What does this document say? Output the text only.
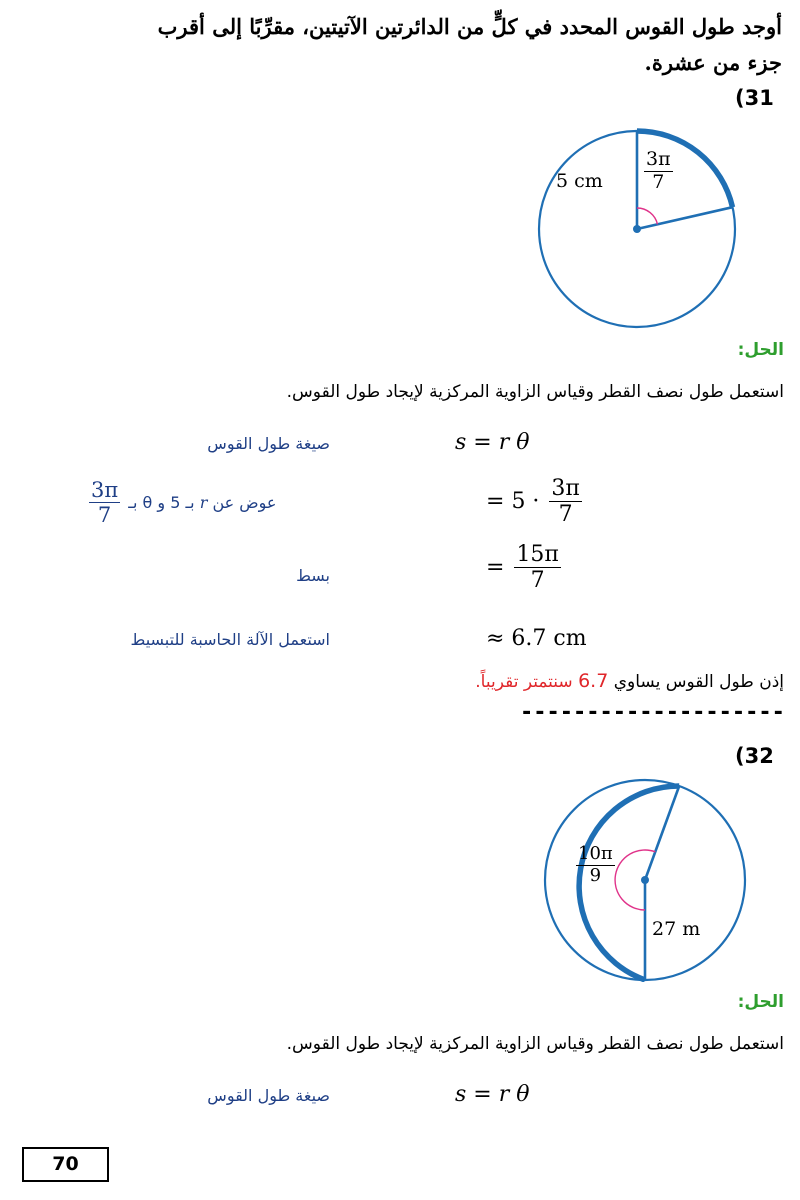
أوجد طول القوس المحدد في كلٍّ من الدائرتين الآتيتين، مقرِّبًا إلى أقرب
جزء من عشرة.
(31
5 cm $\frac{3\pi}{7}$
الحل:
استعمل طول نصف القطر وقياس الزاوية المركزية لإيجاد طول القوس.
s = r θ
صيغة طول القوس
= $5 \cdot \frac{3\pi}{7}$
$\frac{3\pi}{7}$	عوض عن r بـ 5 و θ بـ
= $\frac{15\pi}{7}$
بسط
≈ 6.7 cm
استعمل الآلة الحاسبة للتبسيط
إذن طول القوس يساوي 6.7 سنتمتر تقريباً.
--------------------
(32
$\frac{10\pi}{9}$
27 m
الحل:
استعمل طول نصف القطر وقياس الزاوية المركزية لإيجاد طول القوس.
s = r θ
صيغة طول القوس
70
